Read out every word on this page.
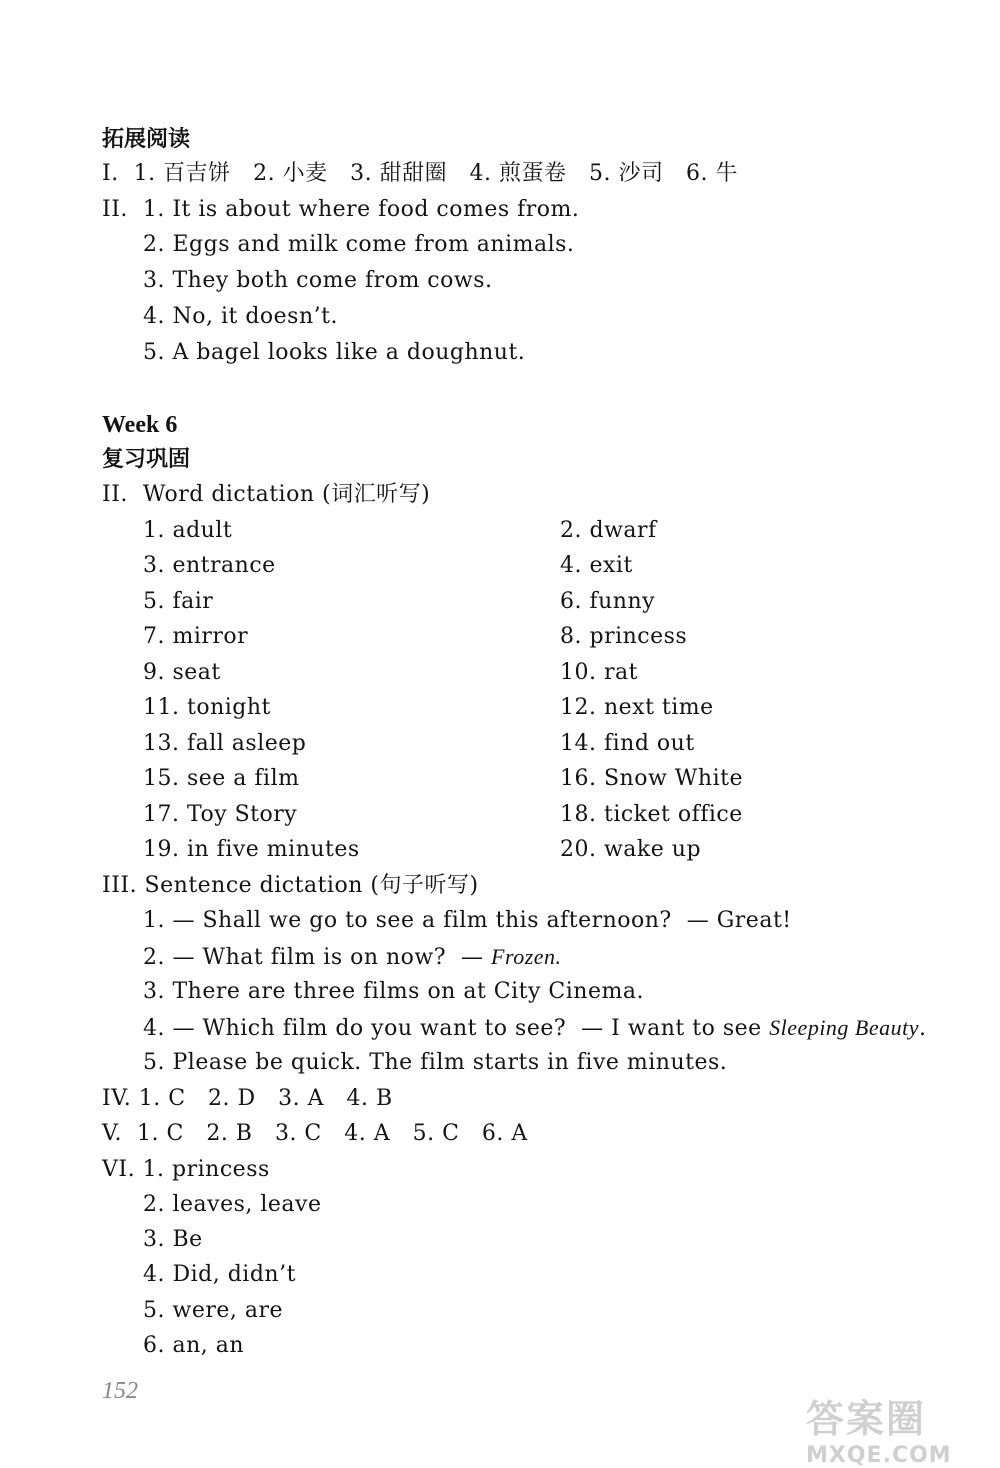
拓展阅读
I.  1. 百吉饼   2. 小麦   3. 甜甜圈   4. 煎蛋卷   5. 沙司   6. 牛
II.  1. It is about where food comes from.
2. Eggs and milk come from animals.
3. They both come from cows.
4. No, it doesn’t.
5. A bagel looks like a doughnut.
Week 6
复习巩固
II.  Word dictation (词汇听写)
1. adult
3. entrance
5. fair
7. mirror
9. seat
11. tonight
13. fall asleep
15. see a film
17. Toy Story
19. in five minutes
2. dwarf
4. exit
6. funny
8. princess
10. rat
12. next time
14. find out
16. Snow White
18. ticket office
20. wake up
III. Sentence dictation (句子听写)
1. — Shall we go to see a film this afternoon?  — Great!
2. — What film is on now?  — Frozen.
3. There are three films on at City Cinema.
4. — Which film do you want to see?  — I want to see Sleeping Beauty.
5. Please be quick. The film starts in five minutes.
IV. 1. C   2. D   3. A   4. B
V.  1. C   2. B   3. C   4. A   5. C   6. A
VI. 1. princess
2. leaves, leave
3. Be
4. Did, didn’t
5. were, are
6. an, an
152
答案圈
MXQE.COM
